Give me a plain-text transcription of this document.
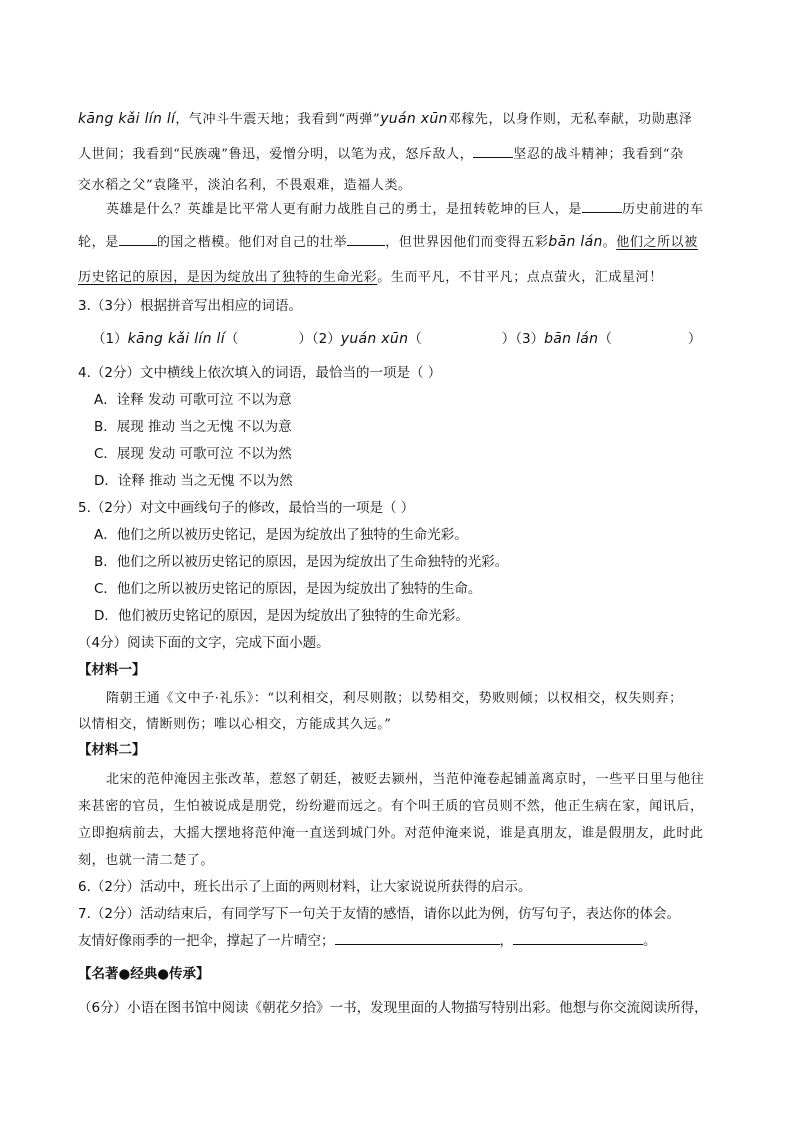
kāng kǎi lín lí，气冲斗牛震天地；我看到“两弹”yuán xūn邓稼先，以身作则，无私奉献，功勋惠泽
人世间；我看到“民族魂”鲁迅，爱憎分明，以笔为戎，怒斥敌人，	坚忍的战斗精神；我看到“杂
交水稻之父”袁隆平，淡泊名利，不畏艰难，造福人类。
英雄是什么？英雄是比平常人更有耐力战胜自己的勇士，是扭转乾坤的巨人，是	历史前进的车
轮，是	的国之楷模。他们对自己的壮举	，但世界因他们而变得五彩bān lán。他们之所以被
历史铭记的原因，是因为绽放出了独特的生命光彩。生而平凡，不甘平凡；点点萤火，汇成星河！
3.（3分）根据拼音写出相应的词语。
（1）kāng kǎi lín lí（	）（2）yuán xūn（	）（3）bān lán（	）
4.（2分）文中横线上依次填入的词语，最恰当的一项是（ ）
A．诠释 发动 可歌可泣 不以为意
B．展现 推动 当之无愧 不以为意
C．展现 发动 可歌可泣 不以为然
D．诠释 推动 当之无愧 不以为然
5.（2分）对文中画线句子的修改，最恰当的一项是（ ）
A．他们之所以被历史铭记，是因为绽放出了独特的生命光彩。
B．他们之所以被历史铭记的原因，是因为绽放出了生命独特的光彩。
C．他们之所以被历史铭记的原因，是因为绽放出了独特的生命。
D．他们被历史铭记的原因，是因为绽放出了独特的生命光彩。
（4分）阅读下面的文字，完成下面小题。
【材料一】
隋朝王通《文中子·礼乐》：“以利相交，利尽则散；以势相交，势败则倾；以权相交，权失则弃；
以情相交，情断则伤；唯以心相交，方能成其久远。”
【材料二】
北宋的范仲淹因主张改革，惹怒了朝廷，被贬去颍州，当范仲淹卷起铺盖离京时，一些平日里与他往
来甚密的官员，生怕被说成是朋党，纷纷避而远之。有个叫王质的官员则不然，他正生病在家，闻讯后，
立即抱病前去，大摇大摆地将范仲淹一直送到城门外。对范仲淹来说，谁是真朋友，谁是假朋友，此时此
刻，也就一清二楚了。
6.（2分）活动中，班长出示了上面的两则材料，让大家说说所获得的启示。
7.（2分）活动结束后，有同学写下一句关于友情的感悟，请你以此为例，仿写句子，表达你的体会。
友情好像雨季的一把伞，撑起了一片晴空；	，	。
【名著●经典●传承】
（6分）小语在图书馆中阅读《朝花夕拾》一书，发现里面的人物描写特别出彩。他想与你交流阅读所得，
